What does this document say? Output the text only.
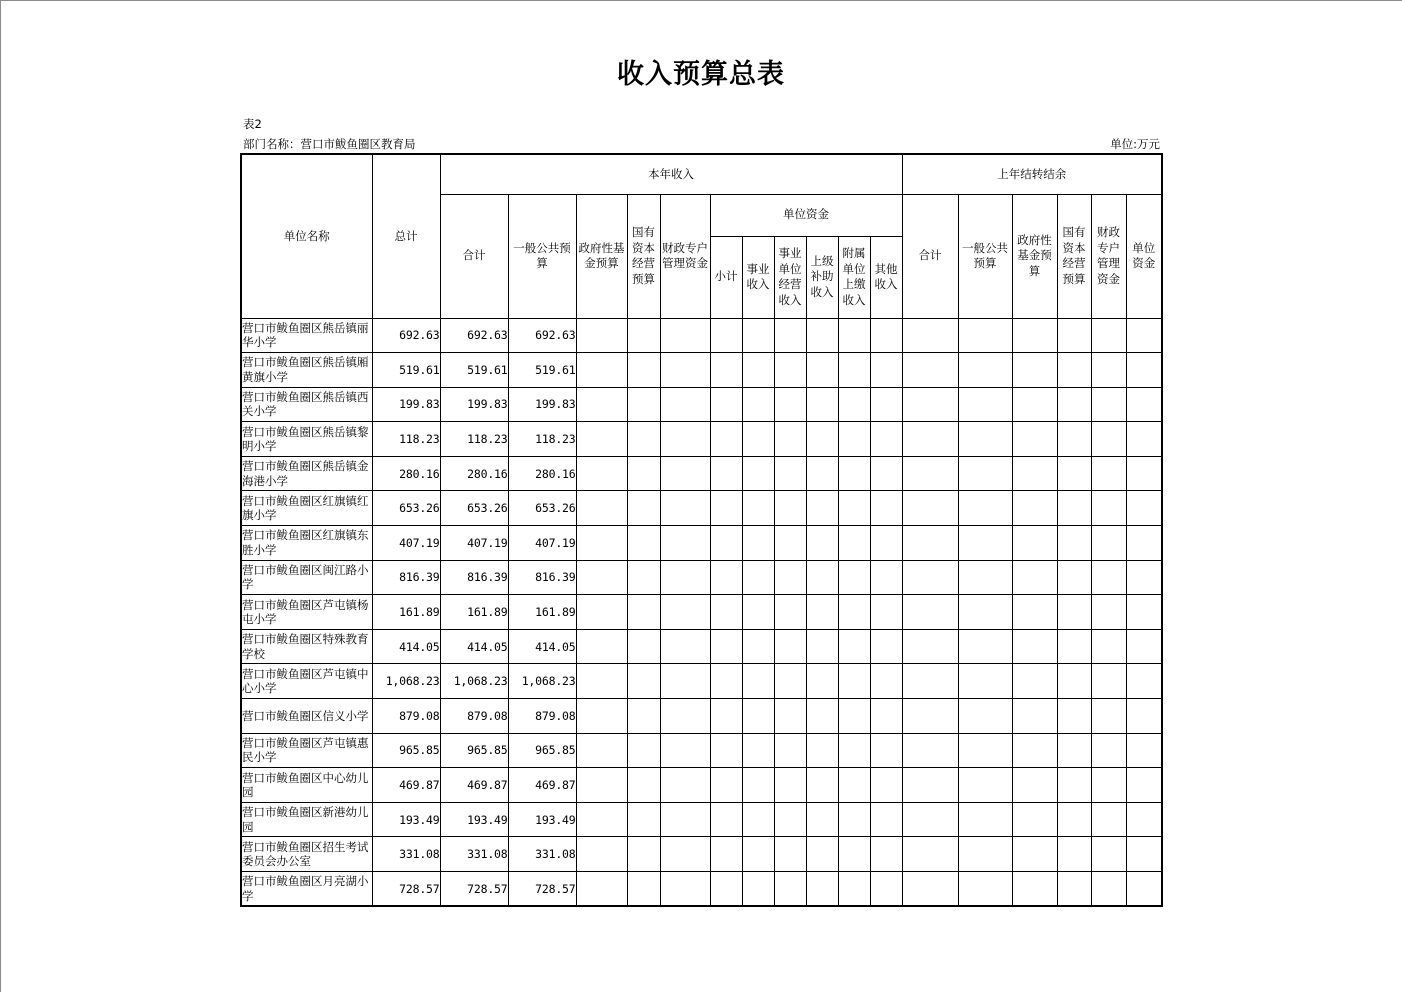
收入预算总表
表2
部门名称：营口市鲅鱼圈区教育局	单位:万元
单位名称	总计	本年收入											上年结转结余					

		合计	一般公共预算	政府性基金预算	国有资本经营预算	财政专户管理资金	单位资金						合计	一般公共预算	政府性基金预算	国有资本经营预算	财政专户管理资金	单位资金

							小计	事业收入	事业单位经营收入	上级补助收入	附属单位上缴收入	其他收入						

营口市鲅鱼圈区熊岳镇丽华小学	692.63	692.63	692.63															
营口市鲅鱼圈区熊岳镇厢黄旗小学	519.61	519.61	519.61															
营口市鲅鱼圈区熊岳镇西关小学	199.83	199.83	199.83															
营口市鲅鱼圈区熊岳镇黎明小学	118.23	118.23	118.23															
营口市鲅鱼圈区熊岳镇金海港小学	280.16	280.16	280.16															
营口市鲅鱼圈区红旗镇红旗小学	653.26	653.26	653.26															
营口市鲅鱼圈区红旗镇东胜小学	407.19	407.19	407.19															
营口市鲅鱼圈区闽江路小学	816.39	816.39	816.39															
营口市鲅鱼圈区芦屯镇杨屯小学	161.89	161.89	161.89															
营口市鲅鱼圈区特殊教育学校	414.05	414.05	414.05															
营口市鲅鱼圈区芦屯镇中心小学	1,068.23	1,068.23	1,068.23															
营口市鲅鱼圈区信义小学	879.08	879.08	879.08															
营口市鲅鱼圈区芦屯镇惠民小学	965.85	965.85	965.85															
营口市鲅鱼圈区中心幼儿园	469.87	469.87	469.87															
营口市鲅鱼圈区新港幼儿园	193.49	193.49	193.49															
营口市鲅鱼圈区招生考试委员会办公室	331.08	331.08	331.08															
营口市鲅鱼圈区月亮湖小学	728.57	728.57	728.57															
